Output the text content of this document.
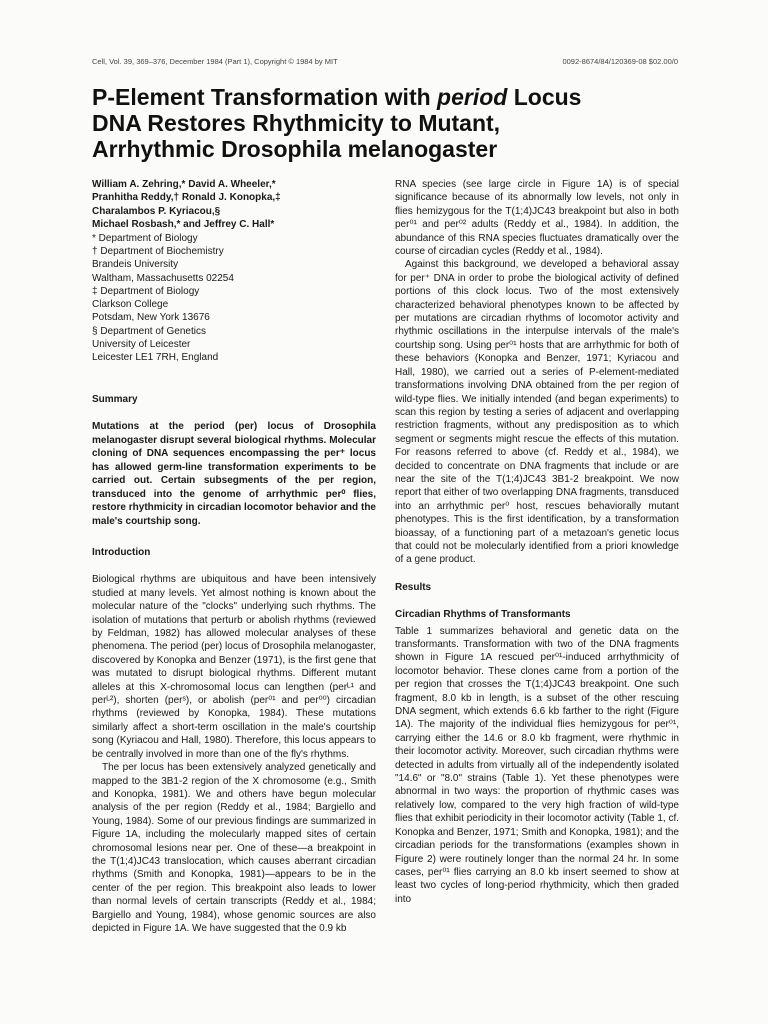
Cell, Vol. 39, 369–376, December 1984 (Part 1), Copyright © 1984 by MIT	0092-8674/84/120369-08 $02.00/0
P-Element Transformation with period Locus
DNA Restores Rhythmicity to Mutant,
Arrhythmic Drosophila melanogaster
William A. Zehring,* David A. Wheeler,*
Pranhitha Reddy,† Ronald J. Konopka,‡
Charalambos P. Kyriacou,§
Michael Rosbash,* and Jeffrey C. Hall*
* Department of Biology
† Department of Biochemistry
Brandeis University
Waltham, Massachusetts 02254
‡ Department of Biology
Clarkson College
Potsdam, New York 13676
§ Department of Genetics
University of Leicester
Leicester LE1 7RH, England
Summary

Mutations at the period (per) locus of Drosophila melanogaster disrupt several biological rhythms. Molecular cloning of DNA sequences encompassing the per⁺ locus has allowed germ-line transformation experiments to be carried out. Certain subsegments of the per region, transduced into the genome of arrhythmic per⁰ flies, restore rhythmicity in circadian locomotor behavior and the male's courtship song.

Introduction

Biological rhythms are ubiquitous and have been intensively studied at many levels. Yet almost nothing is known about the molecular nature of the "clocks" underlying such rhythms. The isolation of mutations that perturb or abolish rhythms (reviewed by Feldman, 1982) has allowed molecular analyses of these phenomena. The period (per) locus of Drosophila melanogaster, discovered by Konopka and Benzer (1971), is the first gene that was mutated to disrupt biological rhythms. Different mutant alleles at this X-chromosomal locus can lengthen (perᴸ¹ and perᴸ²), shorten (perˢ), or abolish (per⁰¹ and per⁰⁰) circadian rhythms (reviewed by Konopka, 1984). These mutations similarly affect a short-term oscillation in the male's courtship song (Kyriacou and Hall, 1980). Therefore, this locus appears to be centrally involved in more than one of the fly's rhythms.

The per locus has been extensively analyzed genetically and mapped to the 3B1-2 region of the X chromosome (e.g., Smith and Konopka, 1981). We and others have begun molecular analysis of the per region (Reddy et al., 1984; Bargiello and Young, 1984). Some of our previous findings are summarized in Figure 1A, including the molecularly mapped sites of certain chromosomal lesions near per. One of these—a breakpoint in the T(1;4)JC43 translocation, which causes aberrant circadian rhythms (Smith and Konopka, 1981)—appears to be in the center of the per region. This breakpoint also leads to lower than normal levels of certain transcripts (Reddy et al., 1984; Bargiello and Young, 1984), whose genomic sources are also depicted in Figure 1A. We have suggested that the 0.9 kb

RNA species (see large circle in Figure 1A) is of special significance because of its abnormally low levels, not only in flies hemizygous for the T(1;4)JC43 breakpoint but also in both per⁰¹ and per⁰² adults (Reddy et al., 1984). In addition, the abundance of this RNA species fluctuates dramatically over the course of circadian cycles (Reddy et al., 1984).

Against this background, we developed a behavioral assay for per⁺ DNA in order to probe the biological activity of defined portions of this clock locus. Two of the most extensively characterized behavioral phenotypes known to be affected by per mutations are circadian rhythms of locomotor activity and rhythmic oscillations in the interpulse intervals of the male's courtship song. Using per⁰¹ hosts that are arrhythmic for both of these behaviors (Konopka and Benzer, 1971; Kyriacou and Hall, 1980), we carried out a series of P-element-mediated transformations involving DNA obtained from the per region of wild-type flies. We initially intended (and began experiments) to scan this region by testing a series of adjacent and overlapping restriction fragments, without any predisposition as to which segment or segments might rescue the effects of this mutation. For reasons referred to above (cf. Reddy et al., 1984), we decided to concentrate on DNA fragments that include or are near the site of the T(1;4)JC43 3B1-2 breakpoint. We now report that either of two overlapping DNA fragments, transduced into an arrhythmic per⁰ host, rescues behaviorally mutant phenotypes. This is the first identification, by a transformation bioassay, of a functioning part of a metazoan's genetic locus that could not be molecularly identified from a priori knowledge of a gene product.

Results
Circadian Rhythms of Transformants

Table 1 summarizes behavioral and genetic data on the transformants. Transformation with two of the DNA fragments shown in Figure 1A rescued per⁰¹-induced arrhythmicity of locomotor behavior. These clones came from a portion of the per region that crosses the T(1;4)JC43 breakpoint. One such fragment, 8.0 kb in length, is a subset of the other rescuing DNA segment, which extends 6.6 kb farther to the right (Figure 1A). The majority of the individual flies hemizygous for per⁰¹, carrying either the 14.6 or 8.0 kb fragment, were rhythmic in their locomotor activity. Moreover, such circadian rhythms were detected in adults from virtually all of the independently isolated "14.6" or "8.0" strains (Table 1). Yet these phenotypes were abnormal in two ways: the proportion of rhythmic cases was relatively low, compared to the very high fraction of wild-type flies that exhibit periodicity in their locomotor activity (Table 1, cf. Konopka and Benzer, 1971; Smith and Konopka, 1981); and the circadian periods for the transformations (examples shown in Figure 2) were routinely longer than the normal 24 hr. In some cases, per⁰¹ flies carrying an 8.0 kb insert seemed to show at least two cycles of long-period rhythmicity, which then graded into
